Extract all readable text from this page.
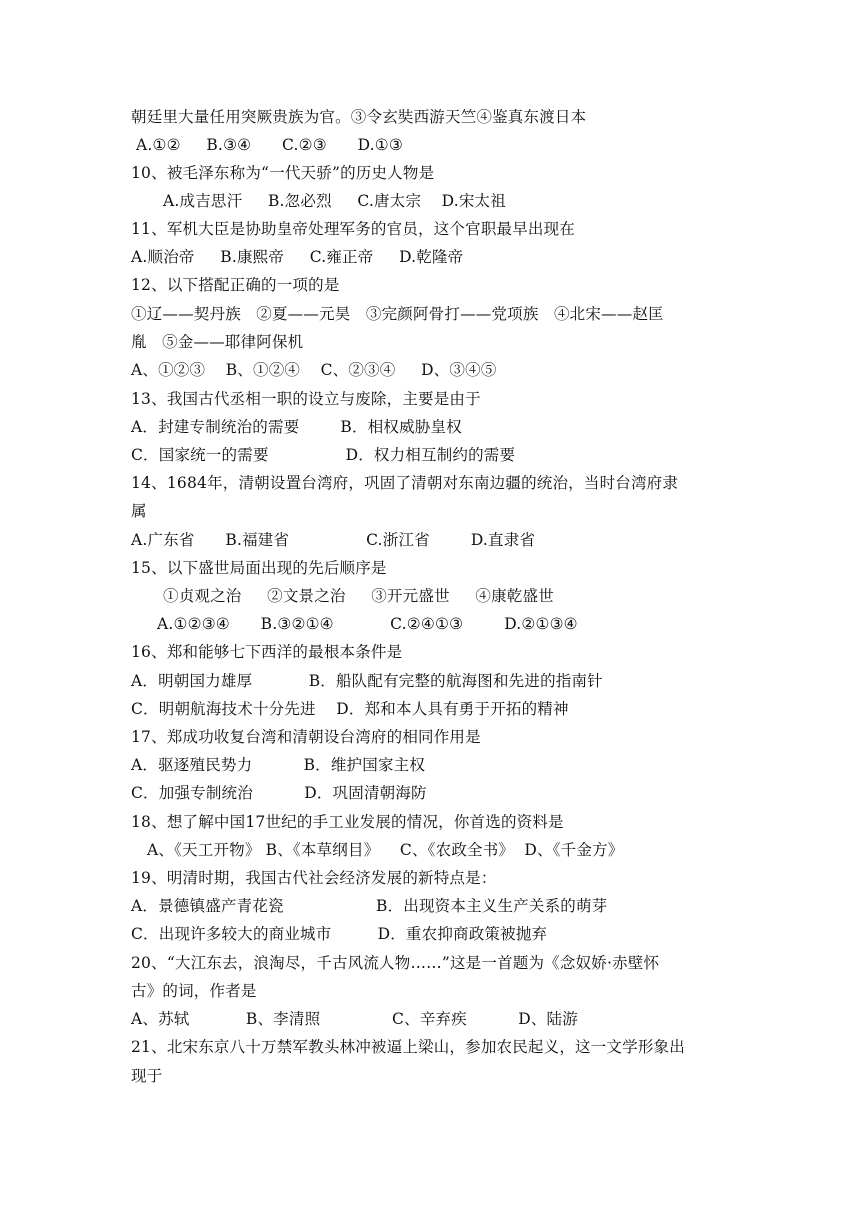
朝廷里大量任用突厥贵族为官。③令玄奘西游天竺④鉴真东渡日本
A.①②     B.③④      C.②③      D.①③
10、被毛泽东称为“一代天骄”的历史人物是
A.成吉思汗     B.忽必烈     C.唐太宗    D.宋太祖
11、军机大臣是协助皇帝处理军务的官员，这个官职最早出现在
A.顺治帝     B.康熙帝     C.雍正帝     D.乾隆帝
12、以下搭配正确的一项的是
①辽——契丹族   ②夏——元昊   ③完颜阿骨打——党项族   ④北宋——赵匡
胤   ⑤金——耶律阿保机
A、①②③    B、①②④    C、②③④     D、③④⑤
13、我国古代丞相一职的设立与废除，主要是由于
A．封建专制统治的需要        B．相权威胁皇权
C．国家统一的需要               D．权力相互制约的需要
14、1684年，清朝设置台湾府，巩固了清朝对东南边疆的统治，当时台湾府隶
属
A.广东省      B.福建省               C.浙江省        D.直隶省
15、以下盛世局面出现的先后顺序是
①贞观之治     ②文景之治     ③开元盛世     ④康乾盛世
A.①②③④      B.③②①④           C.②④①③        D.②①③④
16、郑和能够七下西洋的最根本条件是
A．明朝国力雄厚           B．船队配有完整的航海图和先进的指南针
C．明朝航海技术十分先进    D．郑和本人具有勇于开拓的精神
17、郑成功收复台湾和清朝设台湾府的相同作用是
A．驱逐殖民势力          B．维护国家主权
C．加强专制统治          D．巩固清朝海防
18、想了解中国17世纪的手工业发展的情况，你首选的资料是
A、《天工开物》 B、《本草纲目》    C、《农政全书》  D、《千金方》
19、明清时期，我国古代社会经济发展的新特点是：
A．景德镇盛产青花瓷                  B．出现资本主义生产关系的萌芽
C．出现许多较大的商业城市         D．重农抑商政策被抛弃
20、“大江东去，浪淘尽，千古风流人物……”这是一首题为《念奴娇·赤壁怀
古》的词，作者是
A、苏轼           B、李清照              C、辛弃疾          D、陆游
21、北宋东京八十万禁军教头林冲被逼上梁山，参加农民起义，这一文学形象出
现于
